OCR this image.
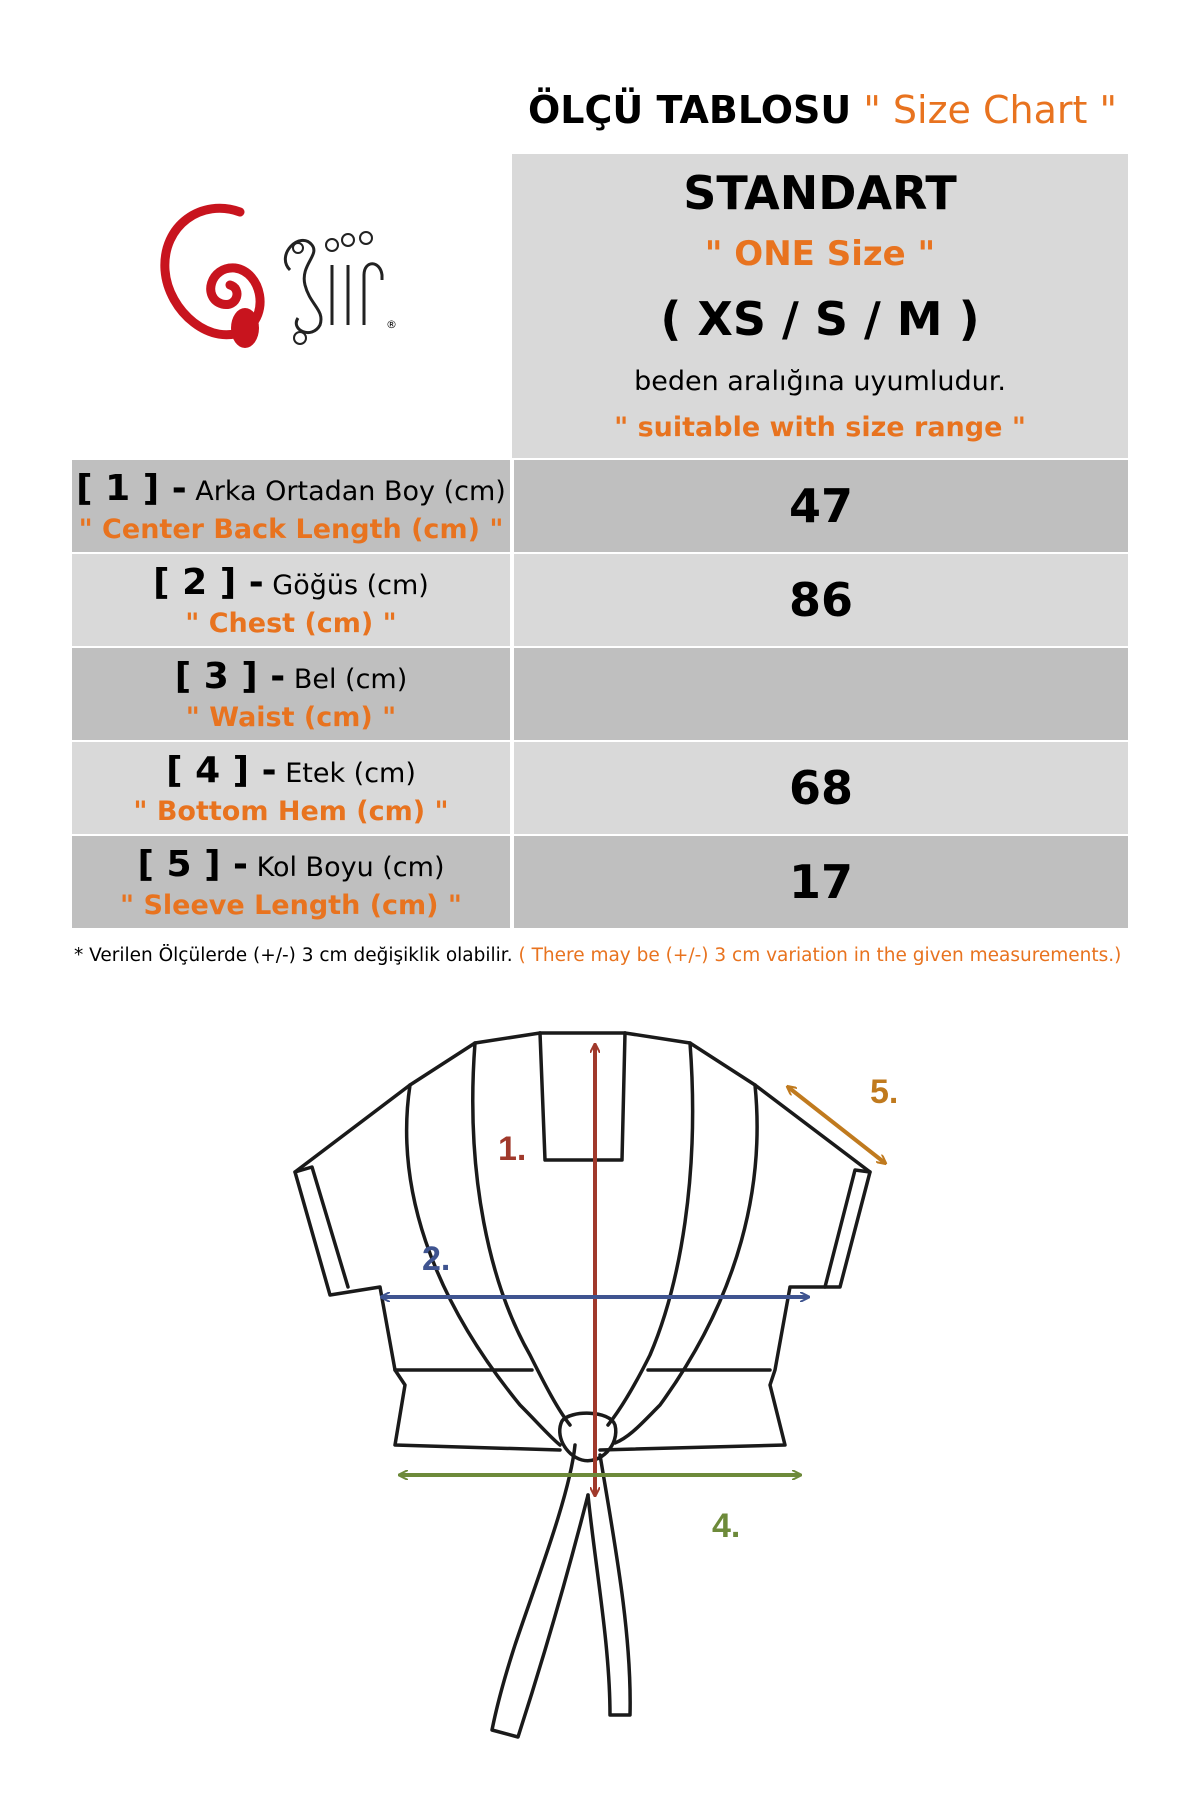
ÖLÇÜ TABLOSU " Size Chart "
®
STANDART
" ONE Size "
( XS / S / M )
beden aralığına uyumludur.
" suitable with size range "
[ 1 ] - Arka Ortadan Boy (cm)
" Center Back Length (cm) "	47
[ 2 ] - Göğüs (cm)
" Chest (cm) "	86
[ 3 ] - Bel (cm)
" Waist (cm) "
[ 4 ] - Etek (cm)
" Bottom Hem (cm) "	68
[ 5 ] - Kol Boyu (cm)
" Sleeve Length (cm) "	17
* Verilen Ölçülerde (+/-) 3 cm değişiklik olabilir. ( There may be (+/-) 3 cm variation in the given measurements.)
1.
2.
4.
5.
